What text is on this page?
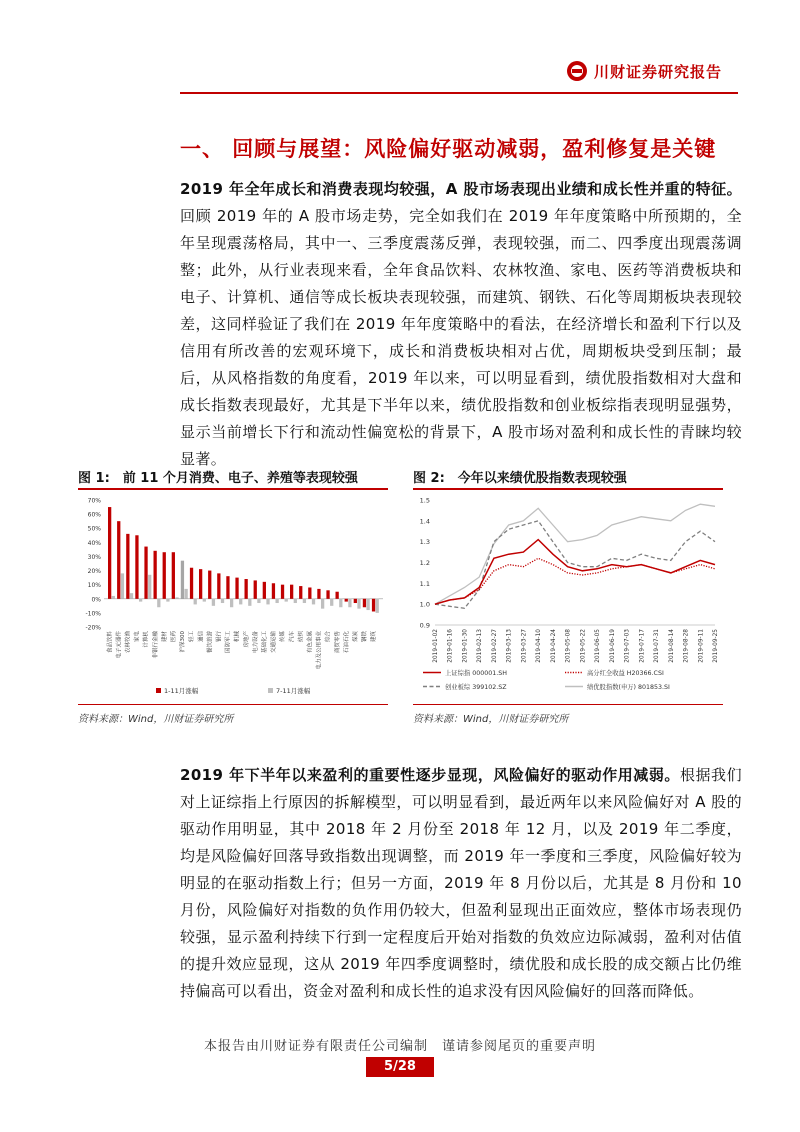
川财证券研究报告
一、 回顾与展望：风险偏好驱动减弱，盈利修复是关键
2019 年全年成长和消费表现均较强，A 股市场表现出业绩和成长性并重的特征。回顾 2019 年的 A 股市场走势，完全如我们在 2019 年年度策略中所预期的，全年呈现震荡格局，其中一、三季度震荡反弹，表现较强，而二、四季度出现震荡调整；此外，从行业表现来看，全年食品饮料、农林牧渔、家电、医药等消费板块和电子、计算机、通信等成长板块表现较强，而建筑、钢铁、石化等周期板块表现较差，这同样验证了我们在 2019 年年度策略中的看法，在经济增长和盈利下行以及信用有所改善的宏观环境下，成长和消费板块相对占优，周期板块受到压制；最后，从风格指数的角度看，2019 年以来，可以明显看到，绩优股指数相对大盘和成长指数表现最好，尤其是下半年以来，绩优股指数和创业板综指表现明显强势，显示当前增长下行和流动性偏宽松的背景下，A 股市场对盈利和成长性的青睐均较显著。
图 1:　前 11 个月消费、电子、养殖等表现较强
70%
60%
50%
40%
30%
20%
10%
0%
-10%
-20%
食品饮料 电子元器件 农林牧渔 家电 计算机 非银行金融 建材 医药 沪深300 轻工 通信 餐饮旅游 银行 国防军工 机械 房地产 电力设备 基础化工 交通运输 传媒 汽车 纺织 有色金属 电力及公用事业 综合 商贸零售 石油石化 煤炭 钢铁 建筑
1-11月涨幅	7-11月涨幅
资料来源：Wind，川财证券研究所
图 2:　今年以来绩优股指数表现较强
1.5
1.4
1.3
1.2
1.1
1.0
0.9
2019-01-02 2019-01-16 2019-01-30 2019-02-13 2019-02-27 2019-03-13 2019-03-27 2019-04-10 2019-04-24 2019-05-08 2019-05-22 2019-06-05 2019-06-19 2019-07-03 2019-07-17 2019-07-31 2019-08-14 2019-08-28 2019-09-11 2019-09-25
上证综指 000001.SH	高分红全收益 H20366.CSI
创业板综 399102.SZ	绩优股指数(申万) 801853.SI
资料来源：Wind，川财证券研究所
2019 年下半年以来盈利的重要性逐步显现，风险偏好的驱动作用减弱。根据我们对上证综指上行原因的拆解模型，可以明显看到，最近两年以来风险偏好对 A 股的驱动作用明显，其中 2018 年 2 月份至 2018 年 12 月，以及 2019 年二季度，均是风险偏好回落导致指数出现调整，而 2019 年一季度和三季度，风险偏好较为明显的在驱动指数上行；但另一方面，2019 年 8 月份以后，尤其是 8 月份和 10 月份，风险偏好对指数的负作用仍较大，但盈利显现出正面效应，整体市场表现仍较强，显示盈利持续下行到一定程度后开始对指数的负效应边际减弱，盈利对估值的提升效应显现，这从 2019 年四季度调整时，绩优股和成长股的成交额占比仍维持偏高可以看出，资金对盈利和成长性的追求没有因风险偏好的回落而降低。
本报告由川财证券有限责任公司编制　谨请参阅尾页的重要声明
5/28
